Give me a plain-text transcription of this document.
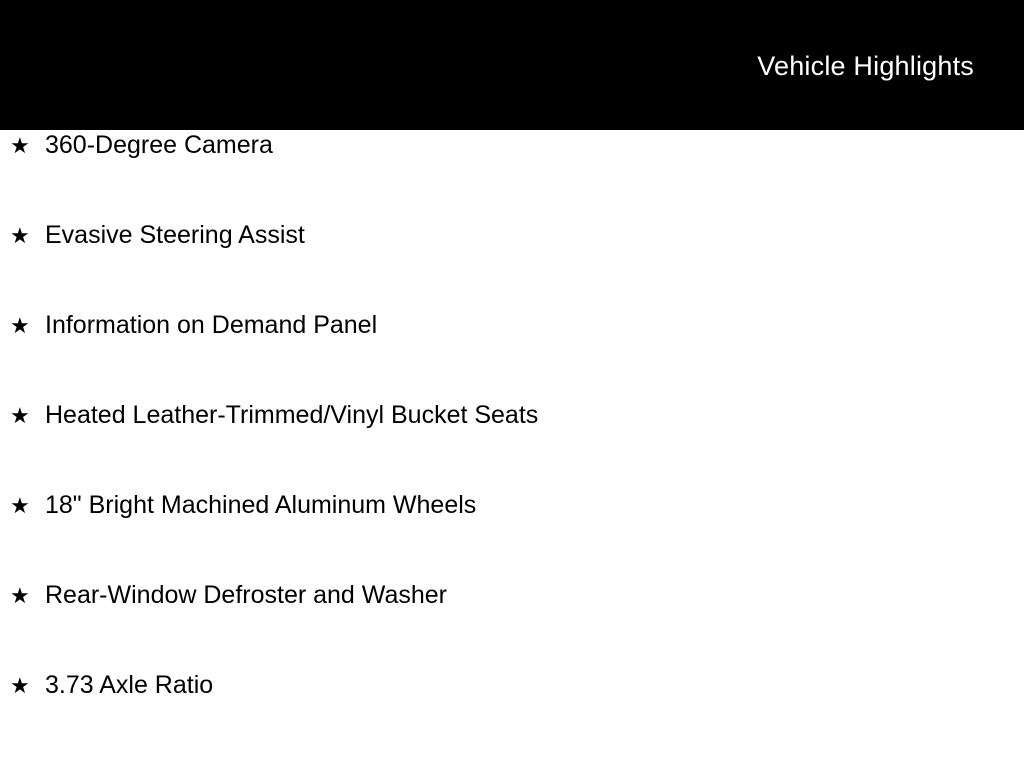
Vehicle Highlights
★ 360-Degree Camera
★ Evasive Steering Assist
★ Information on Demand Panel
★ Heated Leather-Trimmed/Vinyl Bucket Seats
★ 18" Bright Machined Aluminum Wheels
★ Rear-Window Defroster and Washer
★ 3.73 Axle Ratio
